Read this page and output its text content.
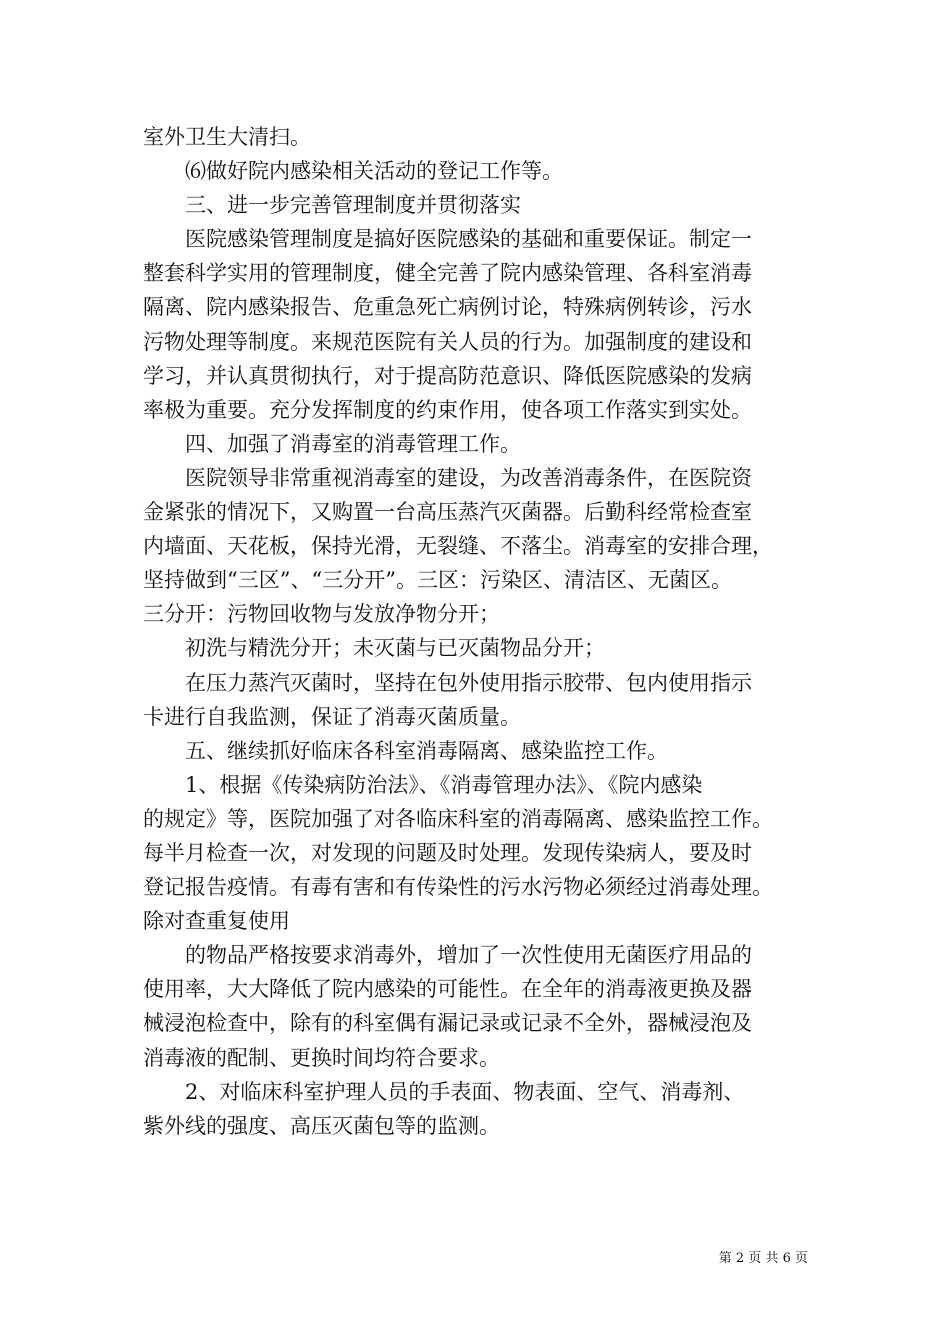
室外卫生大清扫。
⑹做好院内感染相关活动的登记工作等。
三、进一步完善管理制度并贯彻落实
医院感染管理制度是搞好医院感染的基础和重要保证。制定一
整套科学实用的管理制度，健全完善了院内感染管理、各科室消毒
隔离、院内感染报告、危重急死亡病例讨论，特殊病例转诊，污水
污物处理等制度。来规范医院有关人员的行为。加强制度的建设和
学习，并认真贯彻执行，对于提高防范意识、降低医院感染的发病
率极为重要。充分发挥制度的约束作用，使各项工作落实到实处。
四、加强了消毒室的消毒管理工作。
医院领导非常重视消毒室的建设，为改善消毒条件，在医院资
金紧张的情况下，又购置一台高压蒸汽灭菌器。后勤科经常检查室
内墙面、天花板，保持光滑，无裂缝、不落尘。消毒室的安排合理，
坚持做到“三区”、“三分开”。三区：污染区、清洁区、无菌区。
三分开：污物回收物与发放净物分开；
初洗与精洗分开；未灭菌与已灭菌物品分开；
在压力蒸汽灭菌时，坚持在包外使用指示胶带、包内使用指示
卡进行自我监测，保证了消毒灭菌质量。
五、继续抓好临床各科室消毒隔离、感染监控工作。
1、根据《传染病防治法》、《消毒管理办法》、《院内感染
的规定》等，医院加强了对各临床科室的消毒隔离、感染监控工作。
每半月检查一次，对发现的问题及时处理。发现传染病人，要及时
登记报告疫情。有毒有害和有传染性的污水污物必须经过消毒处理。
除对查重复使用
的物品严格按要求消毒外，增加了一次性使用无菌医疗用品的
使用率，大大降低了院内感染的可能性。在全年的消毒液更换及器
械浸泡检查中，除有的科室偶有漏记录或记录不全外，器械浸泡及
消毒液的配制、更换时间均符合要求。
2、对临床科室护理人员的手表面、物表面、空气、消毒剂、
紫外线的强度、高压灭菌包等的监测。
第 2 页 共 6 页
